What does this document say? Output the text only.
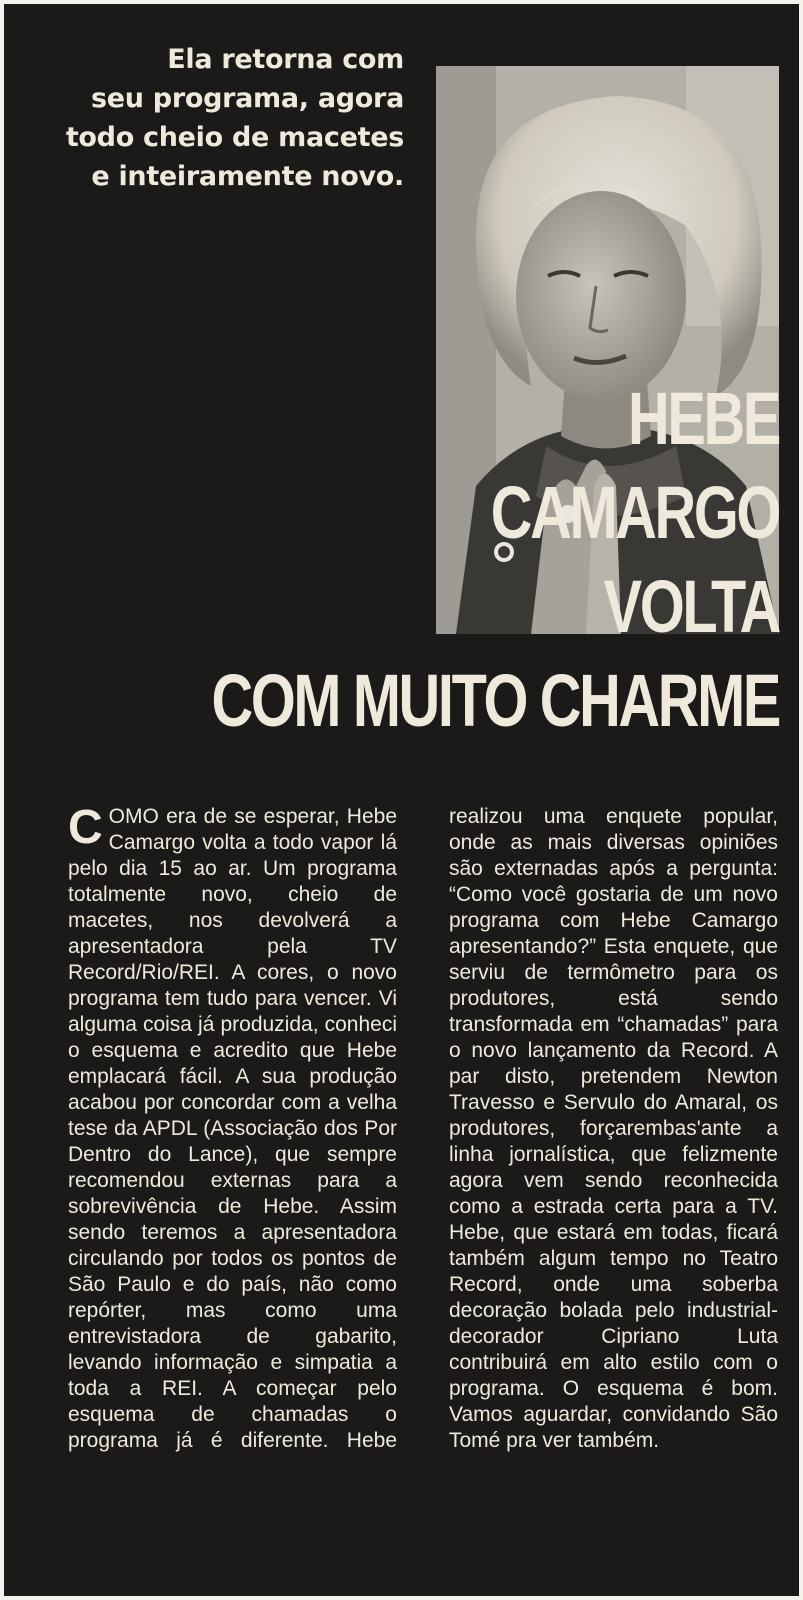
Ela retorna com
seu programa, agora
todo cheio de macetes
e inteiramente novo.
HEBE
CAMARGO
VOLTA
COM MUITO CHARME

COMO era de se esperar, Hebe Camargo volta a todo vapor lá pelo dia 15 ao ar. Um programa totalmente novo, cheio de macetes, nos devolverá a apresentadora pela TV Record/Rio/REI. A cores, o novo programa tem tudo para vencer. Vi alguma coisa já produzida, conheci o esquema e acredito que Hebe emplacará fácil. A sua produção acabou por concordar com a velha tese da APDL (Associação dos Por Dentro do Lance), que sempre recomendou externas para a sobrevivência de Hebe. Assim sendo teremos a apresentadora circulando por todos os pontos de São Paulo e do país, não como repórter, mas como uma entrevistadora de gabarito, levando informação e simpatia a toda a REI. A começar pelo esquema de chamadas o programa já é diferente. Hebe realizou uma enquete popular, onde as mais diversas opiniões são externadas após a pergunta: “Como você gostaria de um novo programa com Hebe Camargo apresentando?” Esta enquete, que serviu de termômetro para os produtores, está sendo transformada em “chamadas” para o novo lançamento da Record. A par disto, pretendem Newton Travesso e Servulo do Amaral, os produtores, forçarembas'ante a linha jornalística, que felizmente agora vem sendo reconhecida como a estrada certa para a TV. Hebe, que estará em todas, ficará também algum tempo no Teatro Record, onde uma soberba decoração bolada pelo industrial-decorador Cipriano Luta contribuirá em alto estilo com o programa. O esquema é bom. Vamos aguardar, convidando São Tomé pra ver também.
